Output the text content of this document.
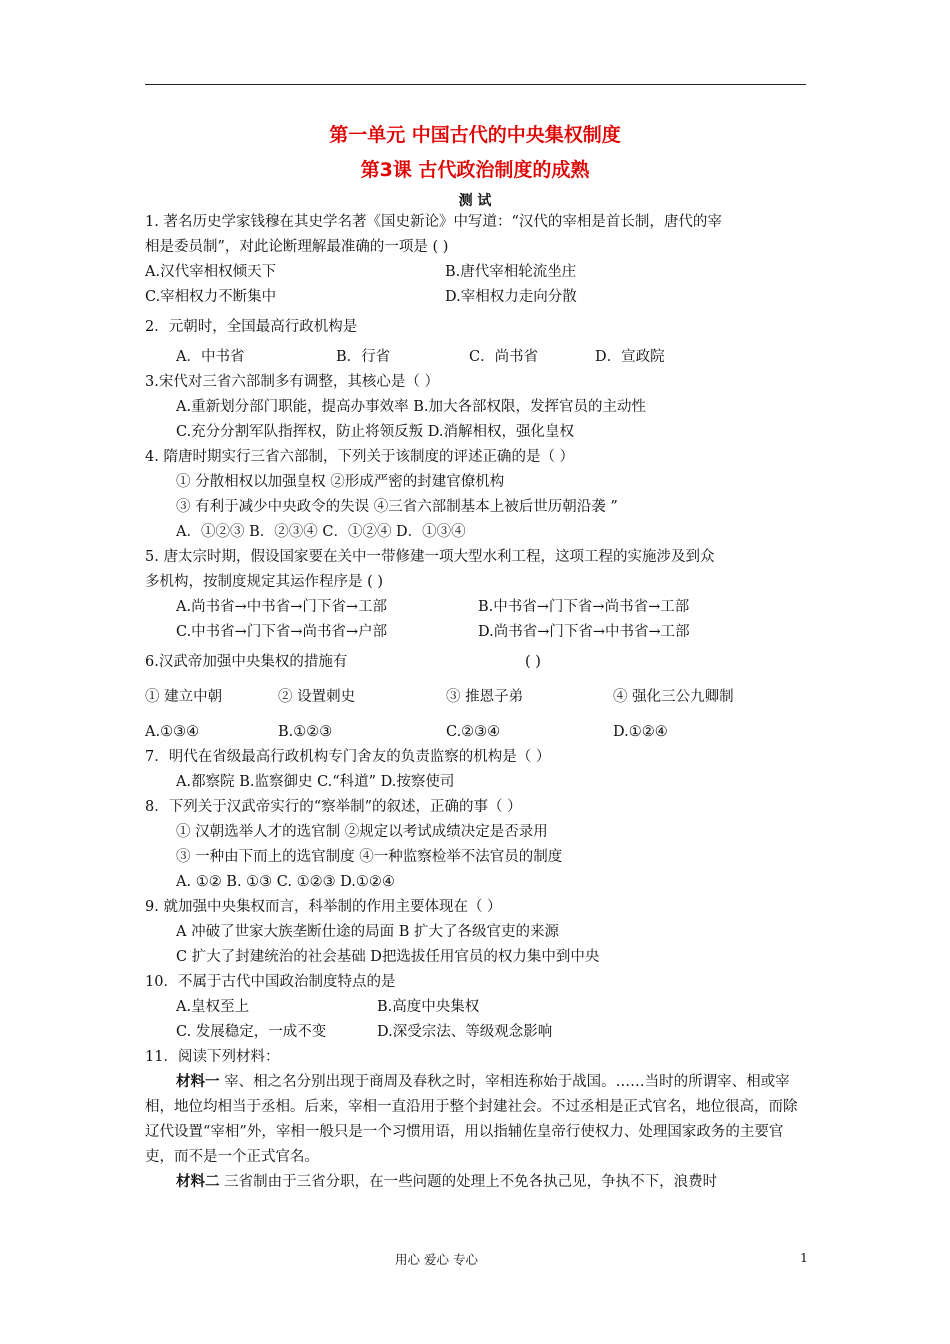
第一单元 中国古代的中央集权制度
第3课 古代政治制度的成熟
测 试
1. 著名历史学家钱穆在其史学名著《国史新论》中写道：“汉代的宰相是首长制，唐代的宰
相是委员制”，对此论断理解最准确的一项是 ( )
A.汉代宰相权倾天下	B.唐代宰相轮流坐庄
C.宰相权力不断集中	D.宰相权力走向分散
2．元朝时，全国最高行政机构是
A．中书省	B．行省	C．尚书省	D．宣政院
3.宋代对三省六部制多有调整，其核心是（ ）
A.重新划分部门职能，提高办事效率 B.加大各部权限，发挥官员的主动性
C.充分分割军队指挥权，防止将领反叛 D.消解相权，强化皇权
4. 隋唐时期实行三省六部制，下列关于该制度的评述正确的是（ ）
① 分散相权以加强皇权 ②形成严密的封建官僚机构
③ 有利于减少中央政令的失误 ④三省六部制基本上被后世历朝沿袭 ”
A．①②③ B．②③④ C．①②④ D．①③④
5. 唐太宗时期，假设国家要在关中一带修建一项大型水利工程，这项工程的实施涉及到众
多机构，按制度规定其运作程序是 ( )
A.尚书省→中书省→门下省→工部	B.中书省→门下省→尚书省→工部
C.中书省→门下省→尚书省→户部	D.尚书省→门下省→中书省→工部
6.汉武帝加强中央集权的措施有	( )
① 建立中朝	② 设置刺史	③ 推恩子弟	④ 强化三公九卿制
A.①③④	B.①②③	C.②③④	D.①②④
7．明代在省级最高行政机构专门舍友的负责监察的机构是（ ）
A.都察院 B.监察御史 C.“科道” D.按察使司
8．下列关于汉武帝实行的“察举制”的叙述，正确的事（ ）
① 汉朝选举人才的选官制 ②规定以考试成绩决定是否录用
③ 一种由下而上的选官制度 ④一种监察检举不法官员的制度
A. ①② B. ①③ C. ①②③ D.①②④
9. 就加强中央集权而言，科举制的作用主要体现在（ ）
A 冲破了世家大族垄断仕途的局面 B 扩大了各级官吏的来源
C 扩大了封建统治的社会基础 D把选拔任用官员的权力集中到中央
10．不属于古代中国政治制度特点的是
A.皇权至上	B.高度中央集权
C. 发展稳定，一成不变	D.深受宗法、等级观念影响
11．阅读下列材料：
材料一 宰、相之名分别出现于商周及春秋之时，宰相连称始于战国。……当时的所谓宰、相或宰相，地位均相当于丞相。后来，宰相一直沿用于整个封建社会。不过丞相是正式官名，地位很高，而除辽代设置“宰相”外，宰相一般只是一个习惯用语，用以指辅佐皇帝行使权力、处理国家政务的主要官吏，而不是一个正式官名。
材料二 三省制由于三省分职，在一些问题的处理上不免各执己见，争执不下，浪费时
用心 爱心 专心	1
